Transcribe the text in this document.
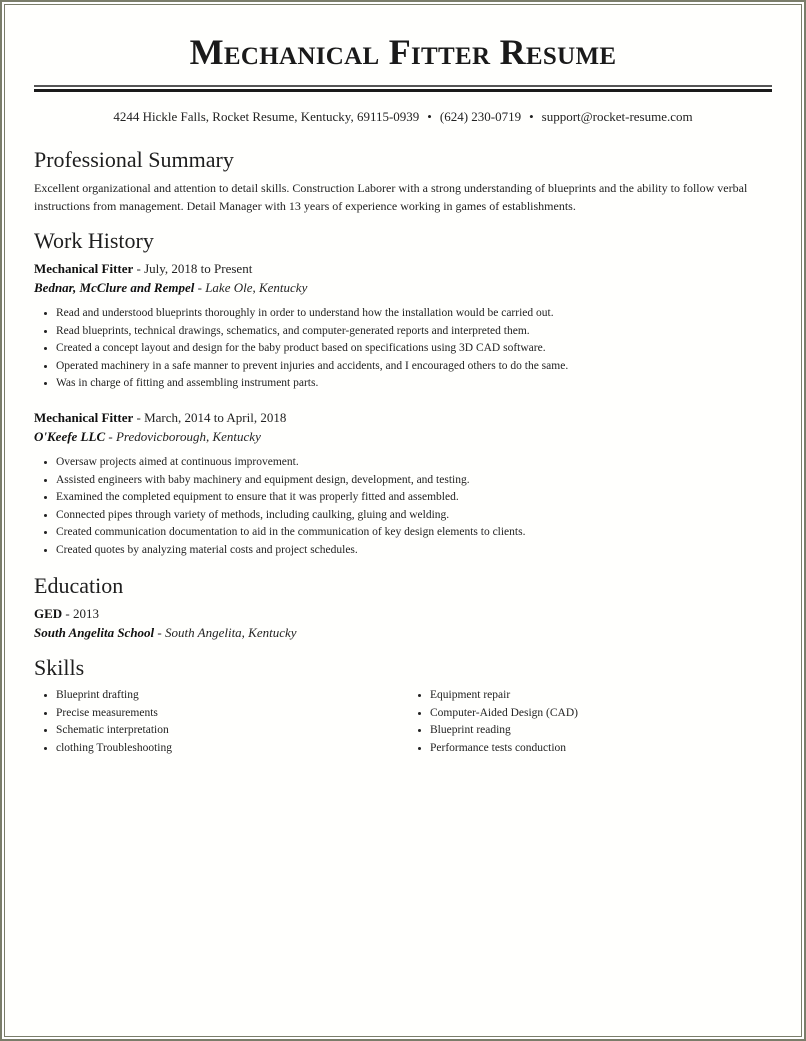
Mechanical Fitter Resume
4244 Hickle Falls, Rocket Resume, Kentucky, 69115-0939 • (624) 230-0719 • support@rocket-resume.com
Professional Summary

Excellent organizational and attention to detail skills. Construction Laborer with a strong understanding of blueprints and the ability to follow verbal instructions from management. Detail Manager with 13 years of experience working in games of establishments.

Work History
Mechanical Fitter - July, 2018 to Present
Bednar, McClure and Rempel - Lake Ole, Kentucky
• Read and understood blueprints thoroughly in order to understand how the installation would be carried out.
• Read blueprints, technical drawings, schematics, and computer-generated reports and interpreted them.
• Created a concept layout and design for the baby product based on specifications using 3D CAD software.
• Operated machinery in a safe manner to prevent injuries and accidents, and I encouraged others to do the same.
• Was in charge of fitting and assembling instrument parts.
Mechanical Fitter - March, 2014 to April, 2018
O'Keefe LLC - Predovicborough, Kentucky
• Oversaw projects aimed at continuous improvement.
• Assisted engineers with baby machinery and equipment design, development, and testing.
• Examined the completed equipment to ensure that it was properly fitted and assembled.
• Connected pipes through variety of methods, including caulking, gluing and welding.
• Created communication documentation to aid in the communication of key design elements to clients.
• Created quotes by analyzing material costs and project schedules.
Education
GED - 2013
South Angelita School - South Angelita, Kentucky
Skills
• Blueprint drafting
• Precise measurements
• Schematic interpretation
• clothing Troubleshooting
• Equipment repair
• Computer-Aided Design (CAD)
• Blueprint reading
• Performance tests conduction
